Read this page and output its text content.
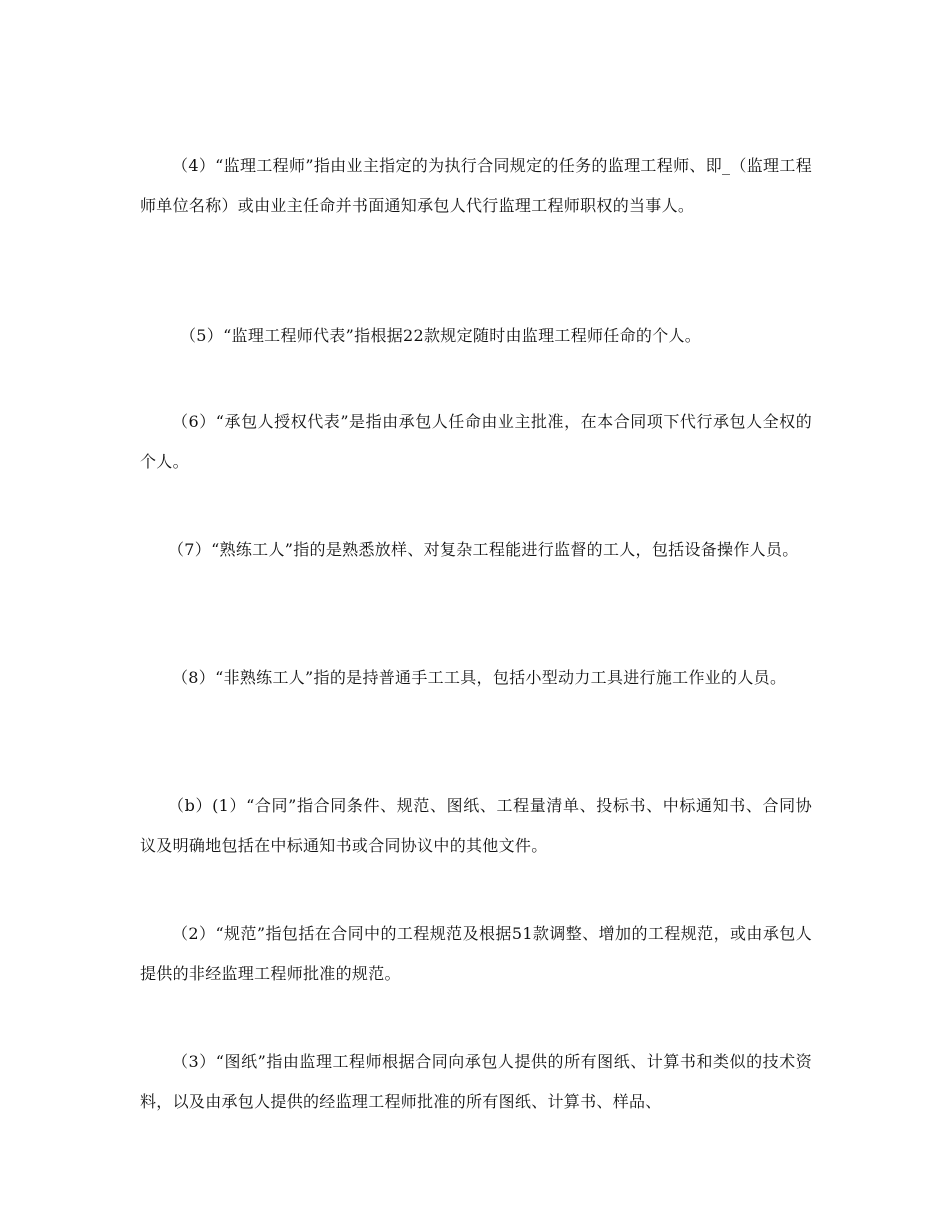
（4）“监理工程师”指由业主指定的为执行合同规定的任务的监理工程师、即_（监理工程师单位名称）或由业主任命并书面通知承包人代行监理工程师职权的当事人。

（5）“监理工程师代表”指根据22款规定随时由监理工程师任命的个人。

（6）“承包人授权代表”是指由承包人任命由业主批准，在本合同项下代行承包人全权的个人。

（7）“熟练工人”指的是熟悉放样、对复杂工程能进行监督的工人，包括设备操作人员。

（8）“非熟练工人”指的是持普通手工工具，包括小型动力工具进行施工作业的人员。

（b）(1）“合同”指合同条件、规范、图纸、工程量清单、投标书、中标通知书、合同协议及明确地包括在中标通知书或合同协议中的其他文件。

（2）“规范”指包括在合同中的工程规范及根据51款调整、增加的工程规范，或由承包人提供的非经监理工程师批准的规范。

（3）“图纸”指由监理工程师根据合同向承包人提供的所有图纸、计算书和类似的技术资料，以及由承包人提供的经监理工程师批准的所有图纸、计算书、样品、
